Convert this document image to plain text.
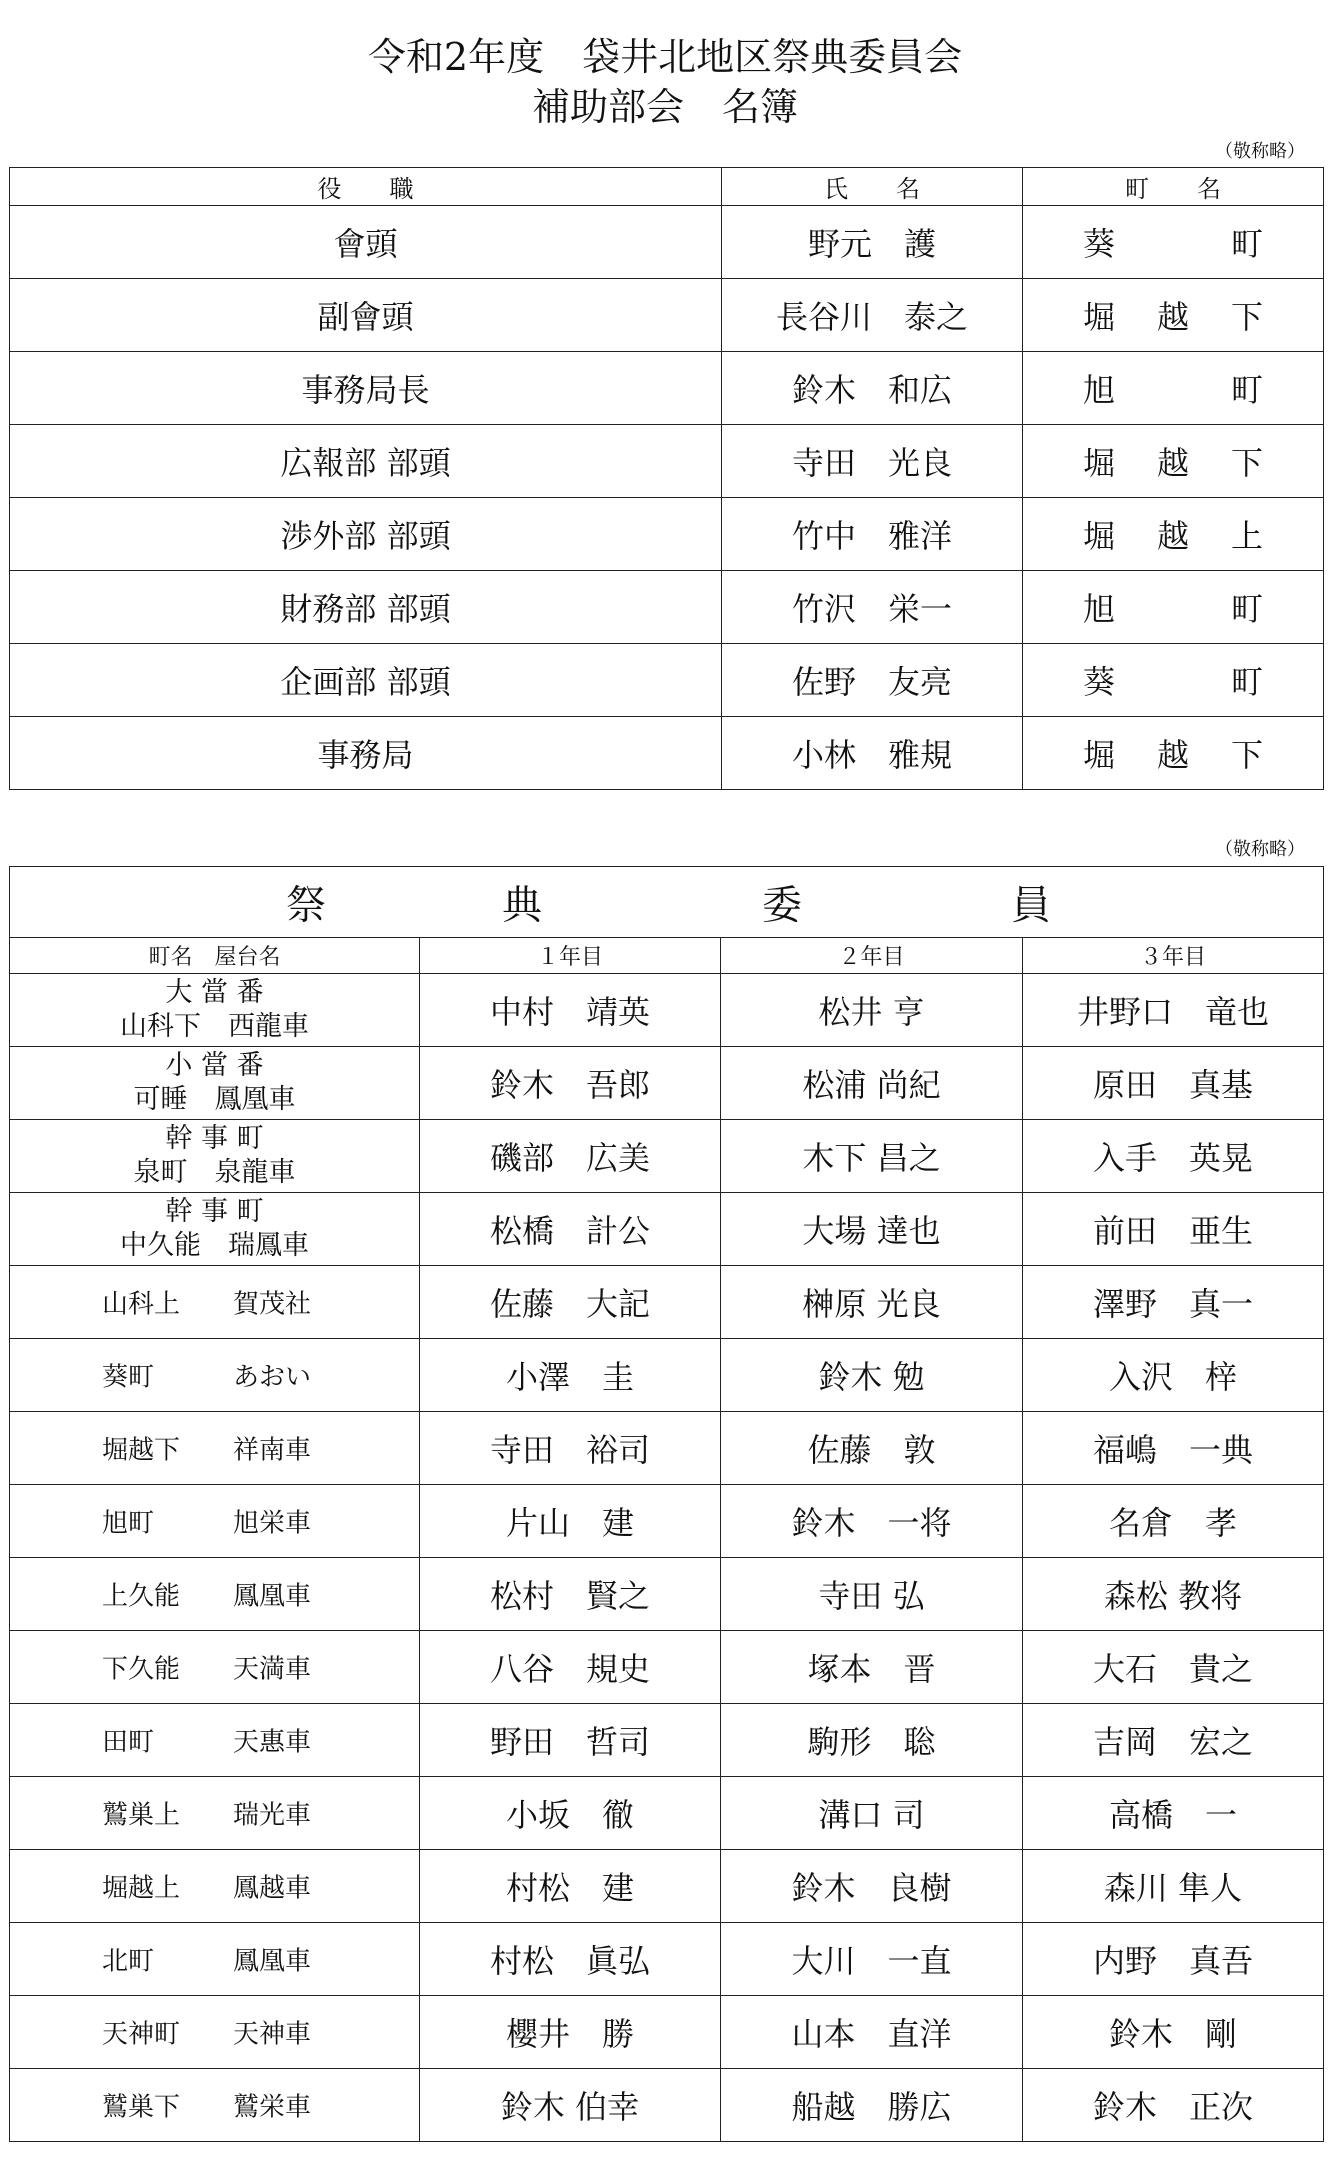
令和2年度　袋井北地区祭典委員会
補助部会　名簿
（敬称略）
役　　職	氏　　名	町　　名
會頭	野元　護	葵 町

副會頭	長谷川　泰之	堀 越 下

事務局長	鈴木　和広	旭 町

広報部 部頭	寺田　光良	堀 越 下

渉外部 部頭	竹中　雅洋	堀 越 上

財務部 部頭	竹沢　栄一	旭 町

企画部 部頭	佐野　友亮	葵 町

事務局	小林　雅規	堀 越 下
（敬称略）
祭 典 委 員			

町名　屋台名	１年目	２年目	３年目

大 當 番
山科下　西龍車	中村　靖英	松井 亨	井野口　竜也

小 當 番
可睡　鳳凰車	鈴木　吾郎	松浦 尚紀	原田　真基

幹 事 町
泉町　泉龍車	磯部　広美	木下 昌之	入手　英晃

幹 事 町
中久能　瑞鳳車	松橋　計公	大場 達也	前田　亜生

山科上 賀茂社	佐藤　大記	榊原 光良	澤野　真一

葵町 あおい	小澤　圭	鈴木 勉	入沢　梓

堀越下 祥南車	寺田　裕司	佐藤　敦	福嶋　一典

旭町 旭栄車	片山　建	鈴木　一将	名倉　孝

上久能 鳳凰車	松村　賢之	寺田 弘	森松 教将

下久能 天満車	八谷　規史	塚本　晋	大石　貴之

田町 天惠車	野田　哲司	駒形　聡	吉岡　宏之

鷲巣上 瑞光車	小坂　徹	溝口 司	高橋　一

堀越上 鳳越車	村松　建	鈴木　良樹	森川 隼人

北町 鳳凰車	村松　眞弘	大川　一直	内野　真吾

天神町 天神車	櫻井　勝	山本　直洋	鈴木　剛

鷲巣下 鷲栄車	鈴木 伯幸	船越　勝広	鈴木　正次
